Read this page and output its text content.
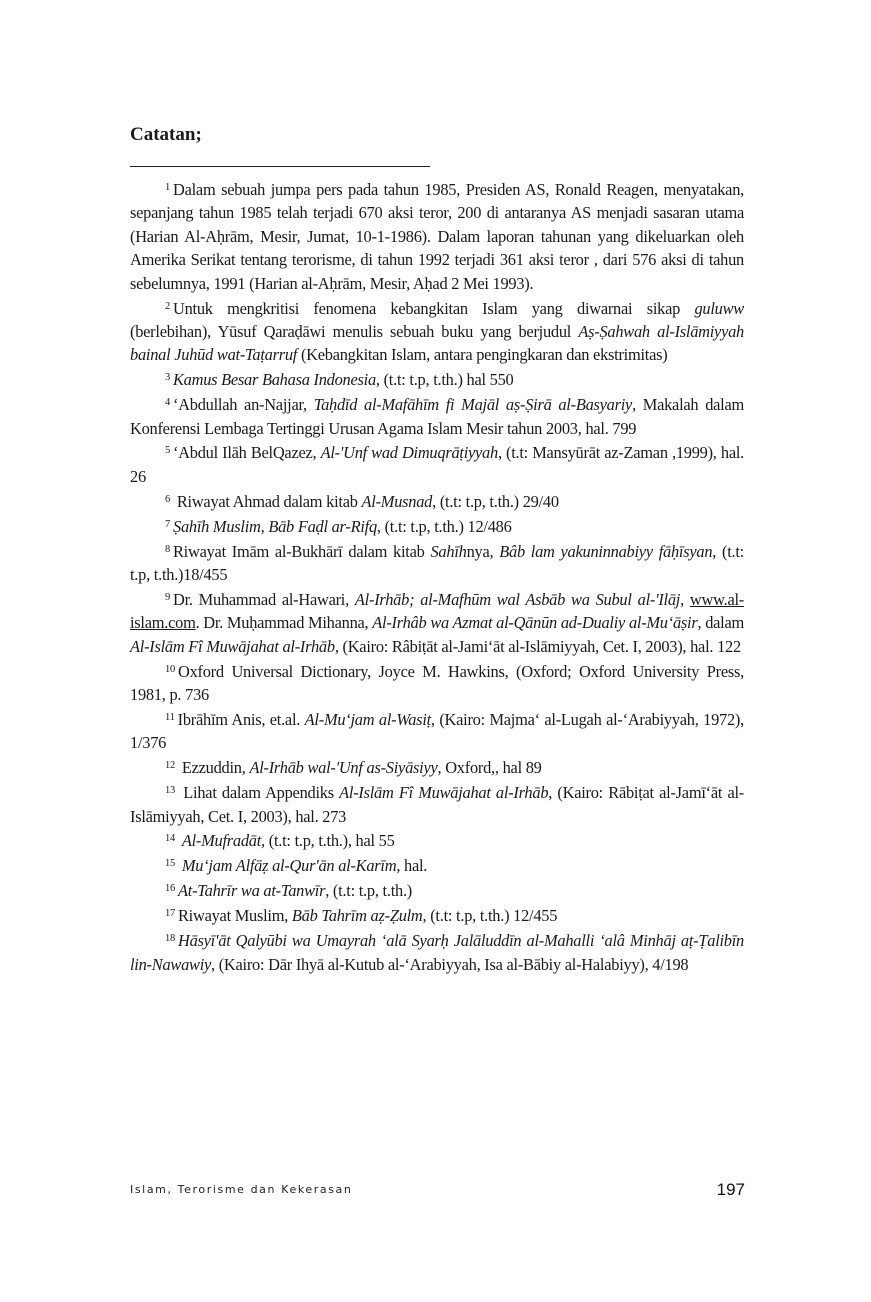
Catatan;

$^1$ Dalam sebuah jumpa pers pada tahun 1985, Presiden AS, Ronald Reagen, menyatakan, sepanjang tahun 1985 telah terjadi 670 aksi teror, 200 di antaranya AS menjadi sasaran utama (Harian Al-Aḥrām, Mesir, Jumat, 10-1-1986). Dalam laporan tahunan yang dikeluarkan oleh Amerika Serikat tentang terorisme, di tahun 1992 terjadi 361 aksi teror , dari 576 aksi di tahun sebelumnya, 1991 (Harian al-Aḥrām, Mesir, Aḥad 2 Mei 1993).

$^2$ Untuk mengkritisi fenomena kebangkitan Islam yang diwarnai sikap guluww (berlebihan), Yūsuf Qaraḍāwi menulis sebuah buku yang berjudul Aṣ-Ṣahwah al-Islāmiyyah bainal Juhūd wat-Taṭarruf (Kebangkitan Islam, antara pengingkaran dan ekstrimitas)

$^3$ Kamus Besar Bahasa Indonesia, (t.t: t.p, t.th.) hal 550

$^4$ ‘Abdullah an-Najjar, Taḥdīd al-Mafāhīm fi Majāl aṣ-Ṣirā al-Basyariy, Makalah dalam Konferensi Lembaga Tertinggi Urusan Agama Islam Mesir tahun 2003, hal. 799

$^5$ ‘Abdul Ilāh BelQazez, Al-'Unf wad Dimuqrāṭiyyah, (t.t: Mansyūrāt az-Zaman ,1999), hal. 26

$^6$ Riwayat Ahmad dalam kitab Al-Musnad, (t.t: t.p, t.th.) 29/40

$^7$ Ṣahīh Muslim, Bāb Faḍl ar-Rifq, (t.t: t.p, t.th.) 12/486

$^8$ Riwayat Imām al-Bukhārī dalam kitab Sahīhnya, Bâb lam yakuninnabiyy fāḥīsyan, (t.t: t.p, t.th.)18/455

$^9$ Dr. Muhammad al-Hawari, Al-Irhāb; al-Mafhūm wal Asbāb wa Subul al-'Ilāj, www.al-islam.com. Dr. Muḥammad Mihanna, Al-Irhâb wa Azmat al-Qānūn ad-Dualiy al-Mu‘āṣir, dalam Al-Islām Fî Muwājahat al-Irhāb, (Kairo: Râbiṭāt al-Jami‘āt al-Islāmiyyah, Cet. I, 2003), hal. 122

$^{10}$ Oxford Universal Dictionary, Joyce M. Hawkins, (Oxford; Oxford University Press, 1981, p. 736

$^{11}$ Ibrāhīm Anis, et.al. Al-Mu‘jam al-Wasiṭ, (Kairo: Majma‘ al-Lugah al-‘Arabiyyah, 1972), 1/376

$^{12}$ Ezzuddin, Al-Irhāb wal-'Unf as-Siyāsiyy, Oxford,, hal 89

$^{13}$ Lihat dalam Appendiks Al-Islām Fî Muwājahat al-Irhāb, (Kairo: Rābiṭat al-Jamī‘āt al-Islāmiyyah, Cet. I, 2003), hal. 273

$^{14}$ Al-Mufradāt, (t.t: t.p, t.th.), hal 55

$^{15}$ Mu‘jam Alfāẓ al-Qur'ān al-Karīm, hal.

$^{16}$ At-Tahrīr wa at-Tanwīr, (t.t: t.p, t.th.)

$^{17}$ Riwayat Muslim, Bāb Tahrīm aẓ-Ẓulm, (t.t: t.p, t.th.) 12/455

$^{18}$ Hāsyī'āt Qalyūbi wa Umayrah ‘alā Syarḥ Jalāluddīn al-Mahalli ‘alâ Minhāj aṭ-Ṭalibīn lin-Nawawiy, (Kairo: Dār Ihyā al-Kutub al-‘Arabiyyah, Isa al-Bābiy al-Halabiyy), 4/198

Islam, Terorisme dan Kekerasan	197
